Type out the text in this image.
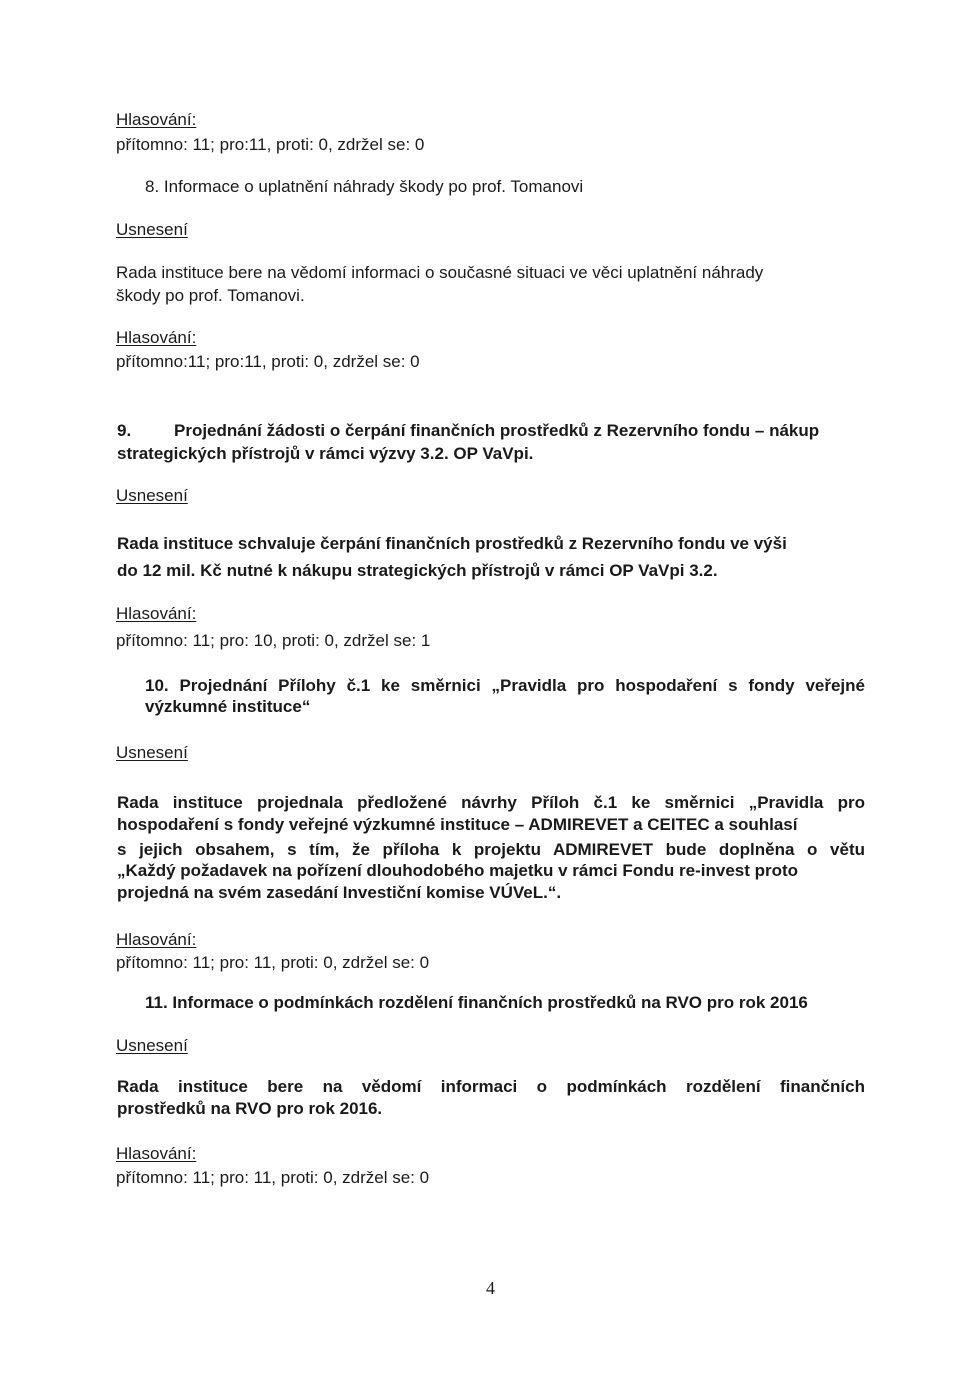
Hlasování:
přítomno: 11; pro:11, proti: 0, zdržel se: 0
8. Informace o uplatnění náhrady škody po prof. Tomanovi
Usnesení
Rada instituce bere na vědomí informaci o současné situaci ve věci uplatnění náhrady
škody po prof. Tomanovi.
Hlasování:
přítomno:11; pro:11, proti: 0, zdržel se: 0
9.	Projednání žádosti o čerpání finančních prostředků z Rezervního fondu – nákup
strategických přístrojů v rámci výzvy 3.2. OP VaVpi.
Usnesení
Rada instituce schvaluje čerpání finančních prostředků z Rezervního fondu ve výši
do 12 mil. Kč nutné k nákupu strategických přístrojů v rámci OP VaVpi 3.2.
Hlasování:
přítomno: 11; pro: 10, proti: 0, zdržel se: 1
10. Projednání Přílohy č.1 ke směrnici „Pravidla pro hospodaření s fondy veřejné
výzkumné instituce“
Usnesení
Rada instituce projednala předložené návrhy Příloh č.1 ke směrnici „Pravidla pro
hospodaření s fondy veřejné výzkumné instituce – ADMIREVET a CEITEC a souhlasí
s jejich obsahem, s tím, že příloha k projektu ADMIREVET bude doplněna o větu
„Každý požadavek na pořízení dlouhodobého majetku v rámci Fondu re-invest proto
projedná na svém zasedání Investiční komise VÚVeL.“.
Hlasování:
přítomno: 11; pro: 11, proti: 0, zdržel se: 0
11. Informace o podmínkách rozdělení finančních prostředků na RVO pro rok 2016
Usnesení
Rada instituce bere na vědomí informaci o podmínkách rozdělení finančních
prostředků na RVO pro rok 2016.
Hlasování:
přítomno: 11; pro: 11, proti: 0, zdržel se: 0
4
